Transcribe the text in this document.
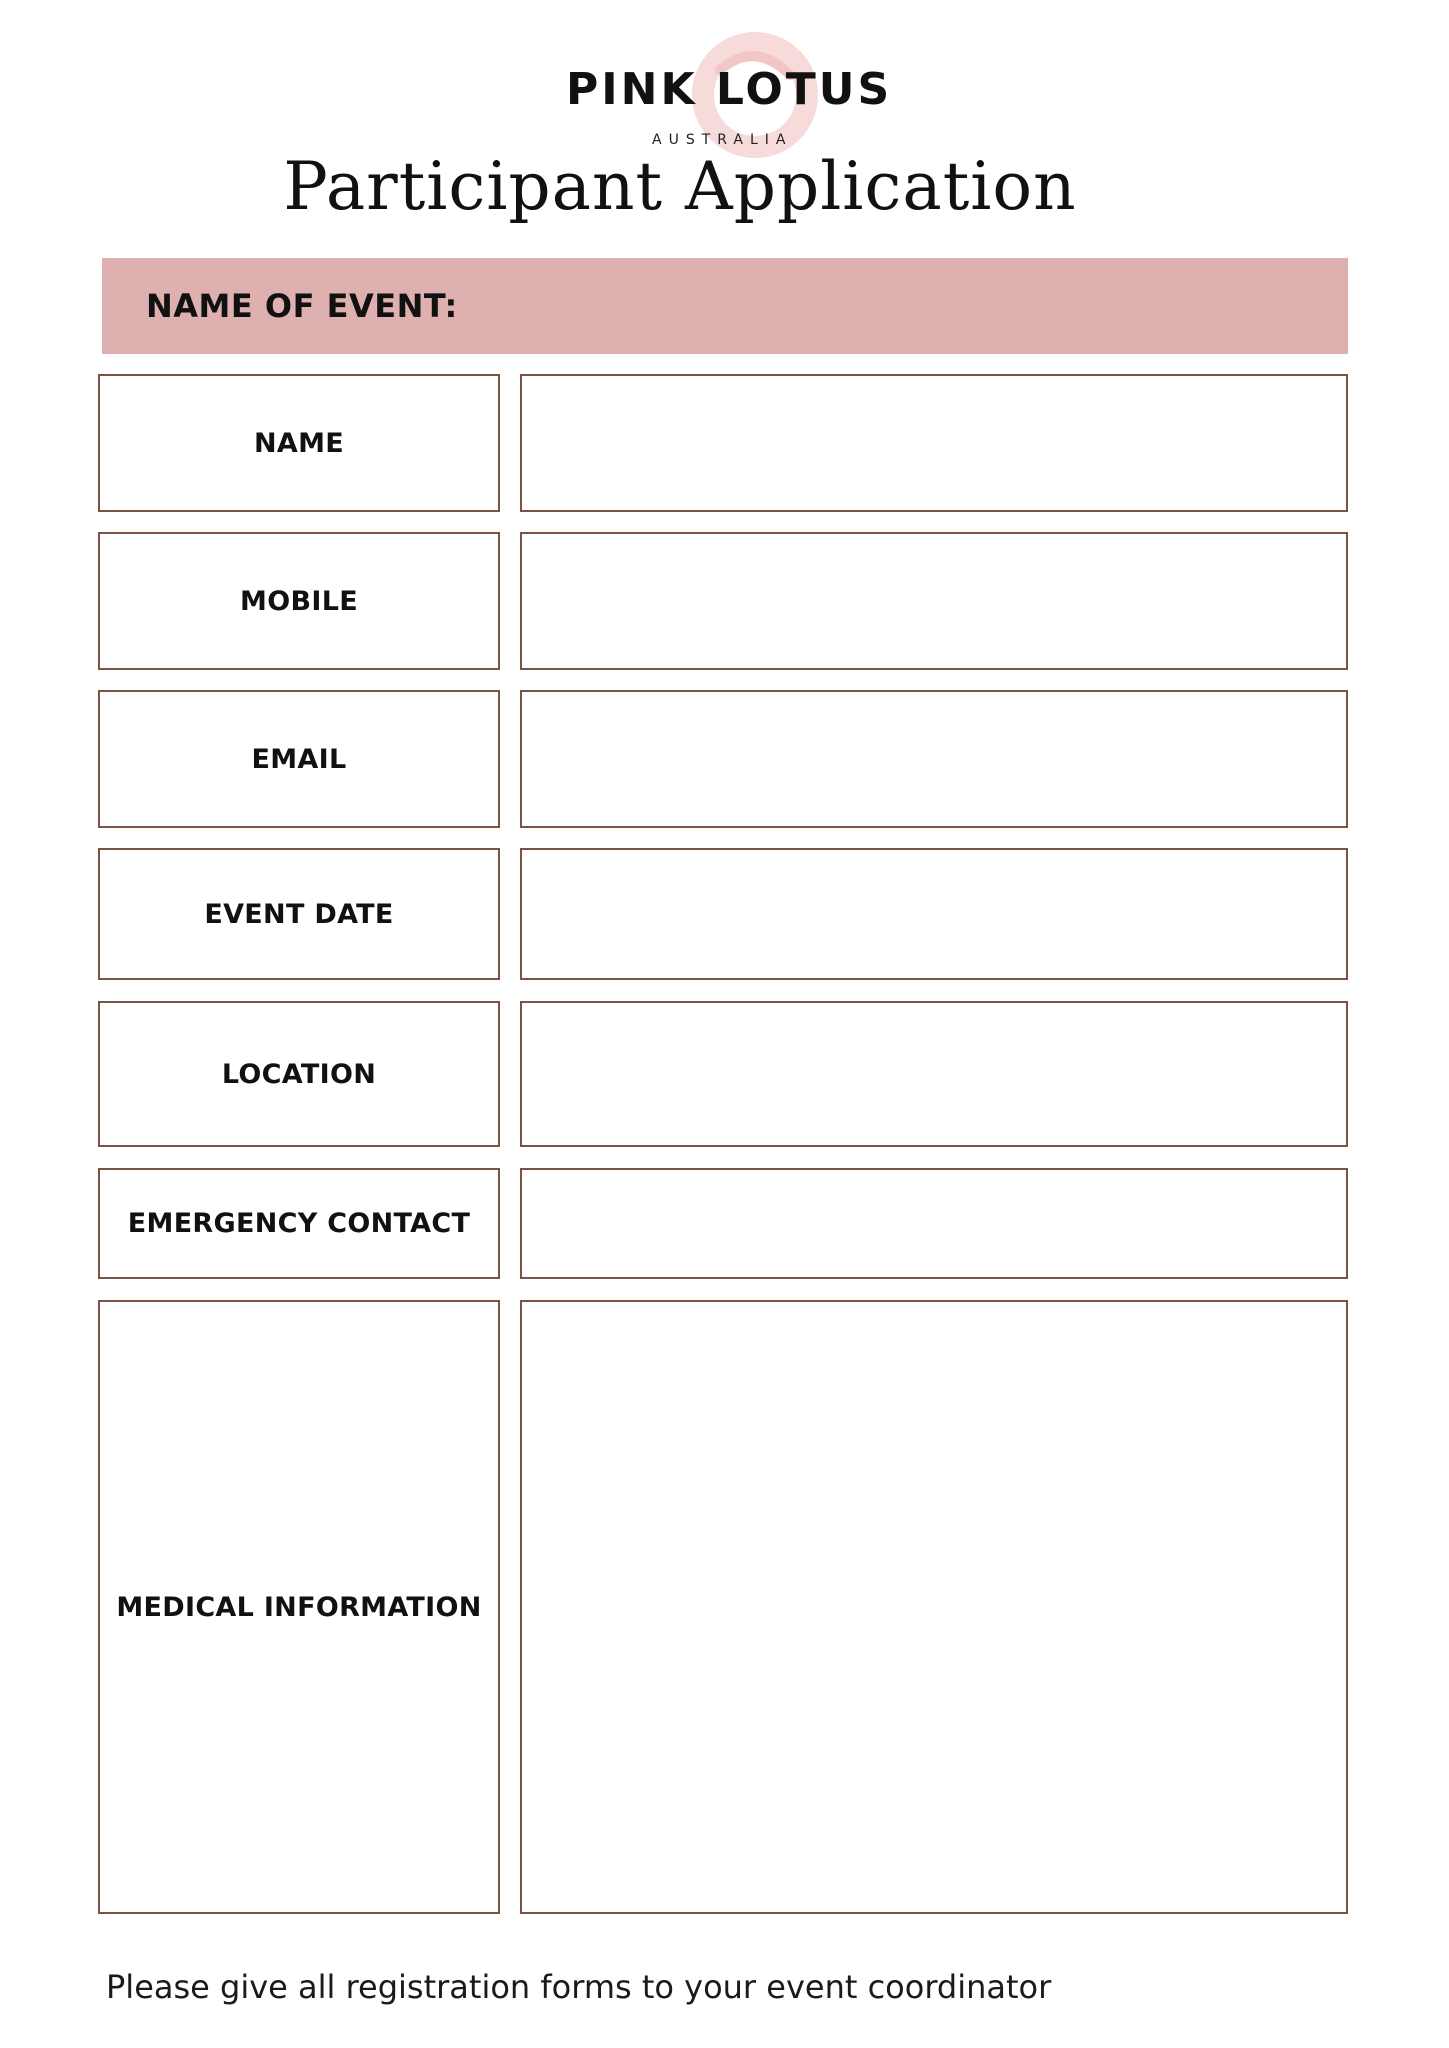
PINK LOTUS
AUSTRALIA
Participant Application
NAME OF EVENT:
NAME
MOBILE
EMAIL
EVENT DATE
LOCATION
EMERGENCY CONTACT
MEDICAL INFORMATION
Please give all registration forms to your event coordinator
